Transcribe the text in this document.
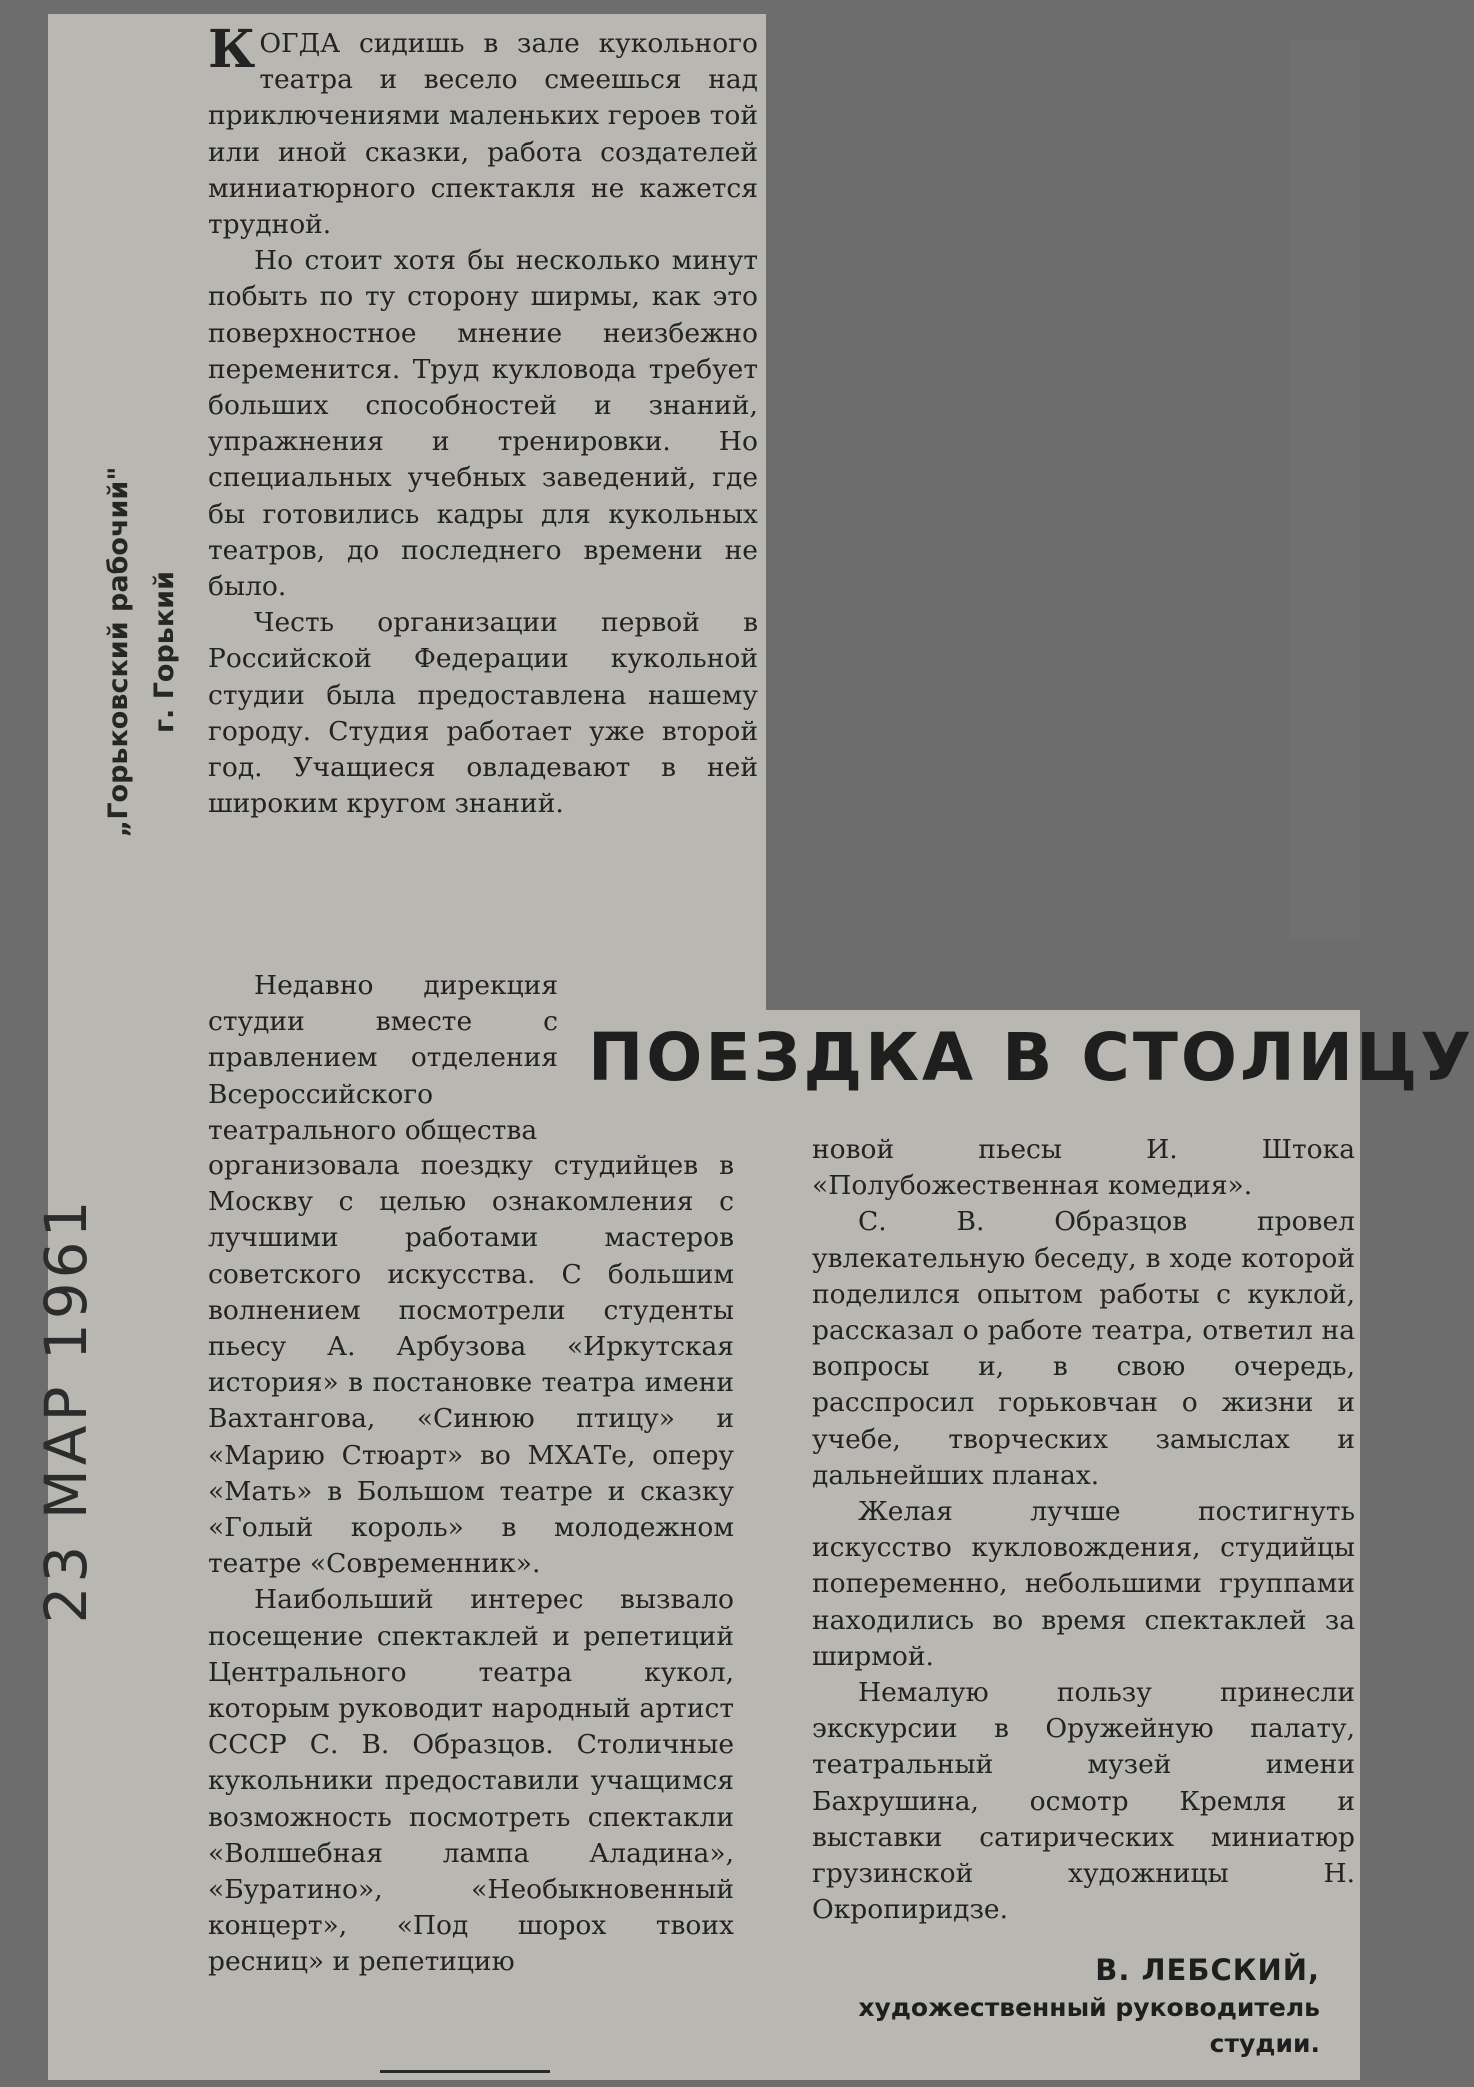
„Горьковский рабочий" г. Горький
23 МАР 1961

КОГДА сидишь в зале кукольного театра и весело смеешься над приключениями маленьких героев той или иной сказки, работа создателей миниатюрного спектакля не кажется трудной.

Но стоит хотя бы несколько минут побыть по ту сторону ширмы, как это поверхностное мнение неизбежно переменится. Труд кукловода требует больших способностей и знаний, упражнения и тренировки. Но специальных учебных заведений, где бы готовились кадры для кукольных театров, до последнего времени не было.

Честь организации первой в Российской Федерации кукольной студии была предоставлена нашему городу. Студия работает уже второй год. Учащиеся овладевают в ней широким кругом знаний.

Недавно дирекция студии вместе с правлением отделения Всероссийского театрального общества

ПОЕЗДКА В СТОЛИЦУ

организовала поездку студийцев в Москву с целью ознакомления с лучшими работами мастеров советского искусства. С большим волнением посмотрели студенты пьесу А. Арбузова «Иркутская история» в постановке театра имени Вахтангова, «Синюю птицу» и «Марию Стюарт» во МХАТе, оперу «Мать» в Большом театре и сказку «Голый король» в молодежном театре «Современник».

Наибольший интерес вызвало посещение спектаклей и репетиций Центрального театра кукол, которым руководит народный артист СССР С. В. Образцов. Столичные кукольники предоставили учащимся возможность посмотреть спектакли «Волшебная лампа Аладина», «Буратино», «Необыкновенный концерт», «Под шорох твоих ресниц» и репетицию

новой пьесы И. Штока «Полубожественная комедия».

С. В. Образцов провел увлекательную беседу, в ходе которой поделился опытом работы с куклой, рассказал о работе театра, ответил на вопросы и, в свою очередь, расспросил горьковчан о жизни и учебе, творческих замыслах и дальнейших планах.

Желая лучше постигнуть искусство кукловождения, студийцы попеременно, небольшими группами находились во время спектаклей за ширмой.

Немалую пользу принесли экскурсии в Оружейную палату, театральный музей имени Бахрушина, осмотр Кремля и выставки сатирических миниатюр грузинской художницы Н. Окропиридзе.

В. ЛЕБСКИЙ,
художественный руководитель
студии.
